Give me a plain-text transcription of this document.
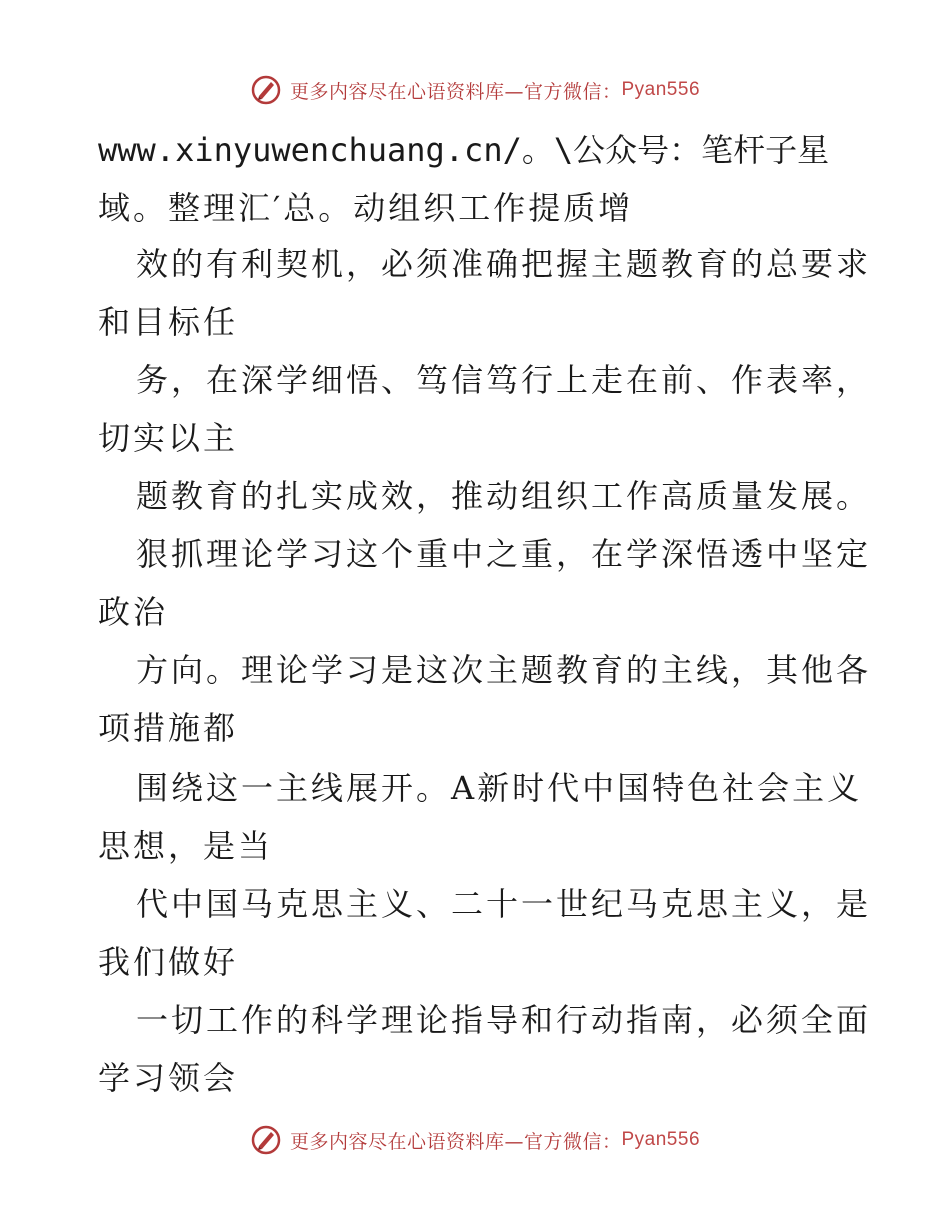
更多内容尽在心语资料库—官方微信： Pyan556
www.xinyuwenchuang.cn/。\公众号：笔杆子星
域。整理汇′总。动组织工作提质增
效的有利契机，必须准确把握主题教育的总要求
和目标任
务，在深学细悟、笃信笃行上走在前、作表率，
切实以主
题教育的扎实成效，推动组织工作高质量发展。
狠抓理论学习这个重中之重，在学深悟透中坚定
政治
方向。理论学习是这次主题教育的主线，其他各
项措施都
围绕这一主线展开。A新时代中国特色社会主义
思想，是当
代中国马克思主义、二十一世纪马克思主义，是
我们做好
一切工作的科学理论指导和行动指南，必须全面
学习领会
更多内容尽在心语资料库—官方微信： Pyan556
